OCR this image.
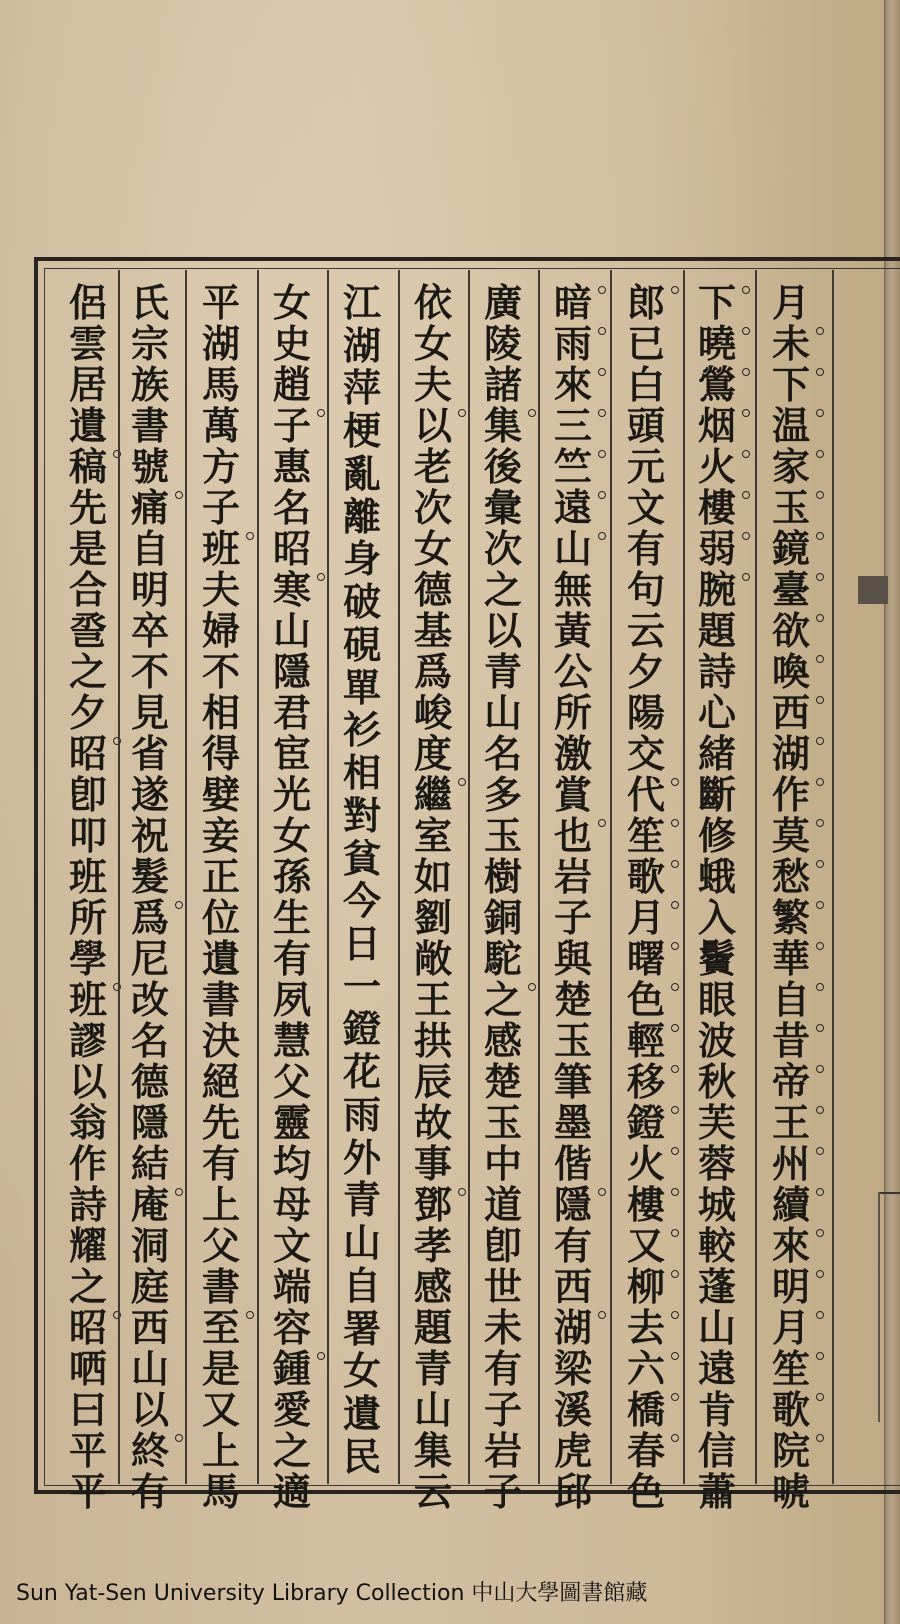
月
未
下
温
家
玉
鏡
臺
欲
喚
西
湖
作
莫
愁
繁
華
自
昔
帝
王
州
續
來
明
月
笙
歌
院
唬
下
曉
鶯
烟
火
樓
弱
腕
題
詩
心
緒
斷
修
蛾
入
鬢
眼
波
秋
芙
蓉
城
較
蓬
山
遠
肯
信
蕭
郎
已
白
頭
元
文
有
句
云
夕
陽
交
代
笙
歌
月
曙
色
輕
移
鐙
火
樓
又
柳
去
六
橋
春
色
暗
雨
來
三
竺
遠
山
無
黃
公
所
激
賞
也
岩
子
與
楚
玉
筆
墨
偕
隱
有
西
湖
梁
溪
虎
邱
廣
陵
諸
集
後
彙
次
之
以
青
山
名
多
玉
樹
銅
駝
之
感
楚
玉
中
道
卽
世
未
有
子
岩
子
依
女
夫
以
老
次
女
德
基
爲
峻
度
繼
室
如
劉
敞
王
拱
辰
故
事
鄧
孝
感
題
青
山
集
云
江
湖
萍
梗
亂
離
身
破
硯
單
衫
相
對
貧
今
日
一
鐙
花
雨
外
青
山
自
署
女
遺
民
女
史
趙
子
惠
名
昭
寒
山
隱
君
宦
光
女
孫
生
有
夙
慧
父
靈
均
母
文
端
容
鍾
愛
之
適
平
湖
馬
萬
方
子
班
夫
婦
不
相
得
嬖
妾
正
位
遺
書
決
絕
先
有
上
父
書
至
是
又
上
馬
氏
宗
族
書
號
痛
自
明
卒
不
見
省
遂
祝
髮
爲
尼
改
名
德
隱
結
庵
洞
庭
西
山
以
終
有
侶
雲
居
遺
稿
先
是
合
巹
之
夕
昭
卽
叩
班
所
學
班
謬
以
翁
作
詩
耀
之
昭
哂
曰
平
平
Sun Yat-Sen University Library Collection 中山大學圖書館藏
